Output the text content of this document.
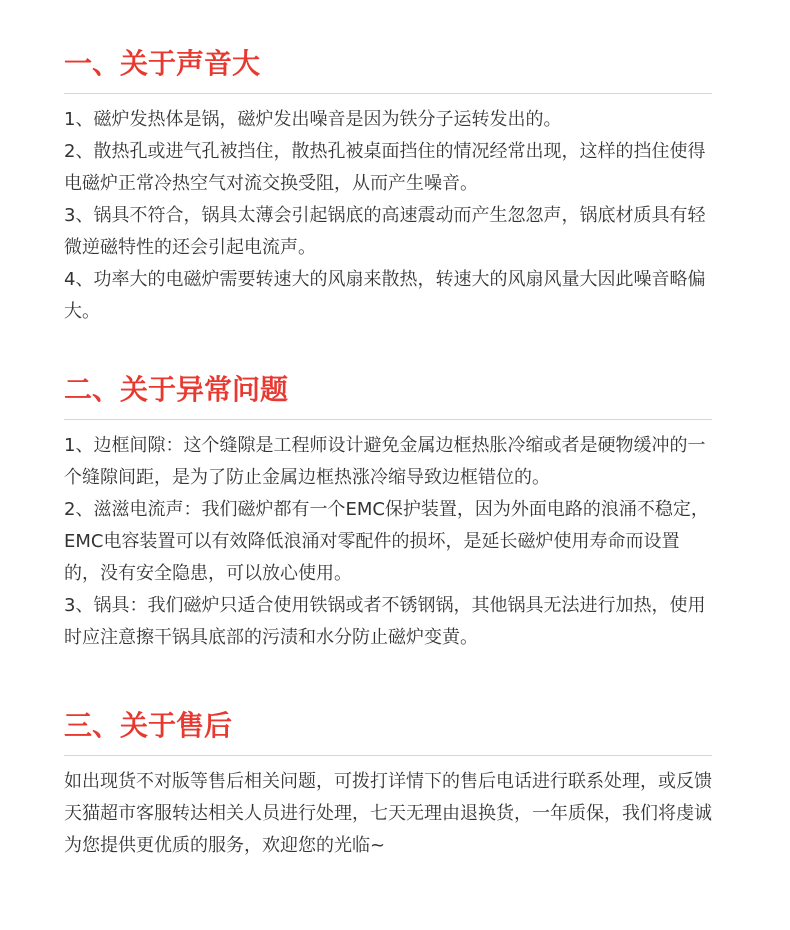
一、关于声音大

1、磁炉发热体是锅，磁炉发出噪音是因为铁分子运转发出的。

2、散热孔或进气孔被挡住，散热孔被桌面挡住的情况经常出现，这样的挡住使得电磁炉正常冷热空气对流交换受阻，从而产生噪音。

3、锅具不符合，锅具太薄会引起锅底的高速震动而产生忽忽声，锅底材质具有轻微逆磁特性的还会引起电流声。

4、功率大的电磁炉需要转速大的风扇来散热，转速大的风扇风量大因此噪音略偏大。

二、关于异常问题

1、边框间隙：这个缝隙是工程师设计避免金属边框热胀冷缩或者是硬物缓冲的一个缝隙间距，是为了防止金属边框热涨冷缩导致边框错位的。

2、滋滋电流声：我们磁炉都有一个EMC保护装置，因为外面电路的浪涌不稳定，EMC电容装置可以有效降低浪涌对零配件的损坏，是延长磁炉使用寿命而设置的，没有安全隐患，可以放心使用。

3、锅具：我们磁炉只适合使用铁锅或者不锈钢锅，其他锅具无法进行加热，使用时应注意擦干锅具底部的污渍和水分防止磁炉变黄。

三、关于售后

如出现货不对版等售后相关问题，可拨打详情下的售后电话进行联系处理，或反馈天猫超市客服转达相关人员进行处理，七天无理由退换货，一年质保，我们将虔诚为您提供更优质的服务，欢迎您的光临~
